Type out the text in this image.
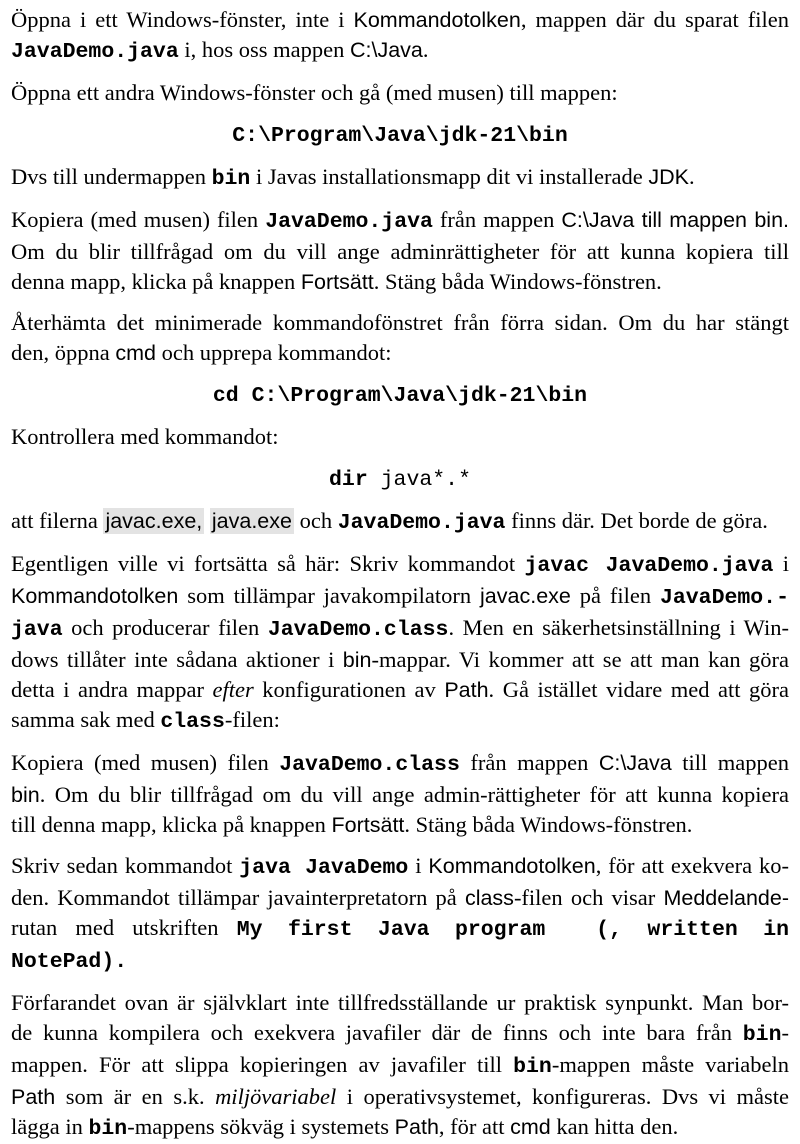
Öppna i ett Windows-fönster, inte i Kommandotolken, mappen där du sparat filen
JavaDemo.java i, hos oss mappen C:\Java.
Öppna ett andra Windows-fönster och gå (med musen) till mappen:
C:\Program\Java\jdk-21\bin
Dvs till undermappen bin i Javas installationsmapp dit vi installerade JDK.
Kopiera (med musen) filen JavaDemo.java från mappen C:\Java till mappen bin.
Om du blir tillfrågad om du vill ange adminrättigheter för att kunna kopiera till
denna mapp, klicka på knappen Fortsätt. Stäng båda Windows-fönstren.
Återhämta det minimerade kommandofönstret från förra sidan. Om du har stängt
den, öppna cmd och upprepa kommandot:
cd C:\Program\Java\jdk-21\bin
Kontrollera med kommandot:
dir java*.*
att filerna javac.exe, java.exe och JavaDemo.java finns där. Det borde de göra.
Egentligen ville vi fortsätta så här: Skriv kommandot javac JavaDemo.java i
Kommandotolken som tillämpar javakompilatorn javac.exe på filen JavaDemo.-
java och producerar filen JavaDemo.class. Men en säkerhetsinställning i Win-
dows tillåter inte sådana aktioner i bin-mappar. Vi kommer att se att man kan göra
detta i andra mappar efter konfigurationen av Path. Gå istället vidare med att göra
samma sak med class-filen:
Kopiera (med musen) filen JavaDemo.class från mappen C:\Java till mappen
bin. Om du blir tillfrågad om du vill ange admin-rättigheter för att kunna kopiera
till denna mapp, klicka på knappen Fortsätt. Stäng båda Windows-fönstren.
Skriv sedan kommandot java JavaDemo i Kommandotolken, för att exekvera ko-
den. Kommandot tillämpar javainterpretatorn på class-filen och visar Meddelande-
rutan med utskriften My first Java program  (, written in NotePad).
Förfarandet ovan är självklart inte tillfredsställande ur praktisk synpunkt. Man bor-
de kunna kompilera och exekvera javafiler där de finns och inte bara från bin-
mappen. För att slippa kopieringen av javafiler till bin-mappen måste variabeln
Path som är en s.k. miljövariabel i operativsystemet, konfigureras. Dvs vi måste
lägga in bin-mappens sökväg i systemets Path, för att cmd kan hitta den.
